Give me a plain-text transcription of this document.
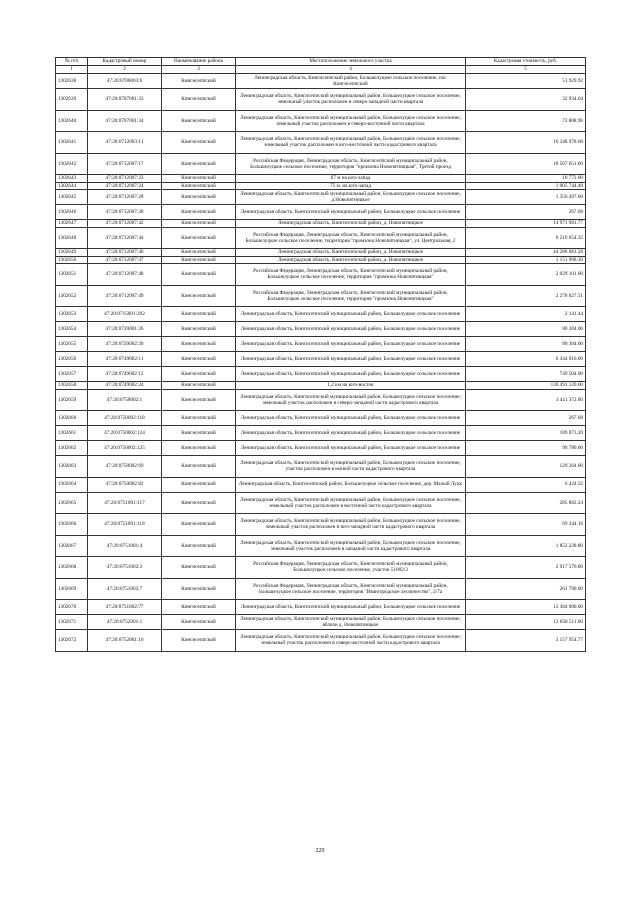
№ п/п	Кадастровый номер	Наименование района	Местоположение земельного участка	Кадастровая стоимость, руб.
1	2	3	4	5
1302638	47:20:0706003:6	Кингисеппский	Ленинградская область, Кингисеппский район, Большелуцкое сельское поселение, пос Кингисеппский	51 929.92
1302639	47:20:0707001:33	Кингисеппский	Ленинградская область, Кингисеппский муниципальный район, Большелуцкое сельское поселение, земельный участок расположен в северо-западной части квартала	32 934.64
1302640	47:20:0707001:34	Кингисеппский	Ленинградская область, Кингисеппский муниципальный район, Большелуцкое сельское поселение, земельный участок расположен в северо-восточной части квартала	72 808.96
1302641	47:20:0712003:11	Кингисеппский	Ленинградская область, Кингисеппский муниципальный район, Большелуцкое сельское поселение, земельный участок расположен в юго-восточной части кадастрового квартала	16 348 978.68
1302642	47:20:0712007:17	Кингисеппский	Российская Федерация, Ленинградская область, Кингисеппский муниципальный район, Большелуцкое сельское поселение, территория "промзона Новопятницкая", Третий проезд	18 567 651.60
1302643	47:20:0712007:23	Кингисеппский	67 м на юго-запад	10 772.00
1302644	47:20:0712007:24	Кингисеппский	75 м. на юго-запад	1 005 744.48
1302645	47:20:0712007:28	Кингисеппский	Ленинградская область, Кингисеппский муниципальный район, Большелуцкое сельское поселение, д.Новопятницкое	1 356 497.60
1302646	47:20:0712007:38	Кингисеппский	Ленинградская область, Кингисеппский муниципальный район, Большелуцкое сельское поселение	267.68
1302647	47:20:0712007:42	Кингисеппский	Ленинградская область, Кингисеппский район, д. Новопятницкое	14 971 981.77
1302648	47:20:0712007:44	Кингисеппский	Российская Федерация, Ленинградская область, Кингисеппский муниципальный район, Большелуцкое сельское поселение, территория "промзона Новопятницкая", ул. Центральная, 2	6 216 654.35
1302649	47:20:0712007:46	Кингисеппский	Ленинградская область, Кингисеппский район, д. Новопятницкое	44 286 081.28
1302650	47:20:0712007:47	Кингисеппский	Ленинградская область, Кингисеппский район, д. Новопятницкое	1 151 908.30
1302651	47:20:0712007:48	Кингисеппский	Российская Федерация, Ленинградская область, Кингисеппский муниципальный район, Большелуцкое сельское поселение, территория "промзона Новопятницкая"	2 029 101.00
1302652	47:20:0712007:49	Кингисеппский	Российская Федерация, Ленинградская область, Кингисеппский муниципальный район, Большелуцкое сельское поселение, территория "промзона Новопятницкая"	2 278 027.51
1302653	47:20:0715001:202	Кингисеппский	Ленинградская область, Кингисеппский муниципальный район, Большелуцкое сельское поселение	2 141.44
1302654	47:20:0720001:26	Кингисеппский	Ленинградская область, Кингисеппский муниципальный район, Большелуцкое сельское поселение	80 304.00
1302655	47:20:0720002:30	Кингисеппский	Ленинградская область, Кингисеппский муниципальный район, Большелуцкое сельское поселение	80 304.00
1302656	47:20:0749002:11	Кингисеппский	Ленинградская область, Кингисеппский муниципальный район, Большелуцкое сельское поселение	6 344 016.00
1302657	47:20:0749002:12	Кингисеппский	Ленинградская область, Кингисеппский муниципальный район, Большелуцкое сельское поселение	749 504.00
1302658	47:20:0749002:24	Кингисеппский	1,2 км на юго-восток	136 491 120.00
1302659	47:20:0750002:1	Кингисеппский	Ленинградская область, Кингисеппский муниципальный район, Большелуцкое сельское поселение, земельный участок расположен в северо-западной части кадастрового квартала	3 411 372.00
1302660	47:20:0750002:118	Кингисеппский	Ленинградская область, Кингисеппский муниципальный район, Большелуцкое сельское поселение	267.68
1302661	47:20:0750002:124	Кингисеппский	Ленинградская область, Кингисеппский муниципальный район, Большелуцкое сельское поселение	189 873.20
1302662	47:20:0750002:125	Кингисеппский	Ленинградская область, Кингисеппский муниципальный район, Большелуцкое сельское поселение	90 780.00
1302663	47:20:0750002:69	Кингисеппский	Ленинградская область, Кингисеппский муниципальный район, Большелуцкое сельское поселение, участок расположен в южной части кадастрового квартала	129 264.00
1302664	47:20:0750002:82	Кингисеппский	Ленинградская область, Кингисеппский район, Большелуцкое сельское поселение, дер. Малый Луцк	6 424.32
1302665	47:20:0751001:117	Кингисеппский	Ленинградская область, Кингисеппский муниципальный район, Большелуцкое сельское поселение, земельный участок расположен в восточной части кадастрового квартала	285 882.24
1302666	47:20:0751001:118	Кингисеппский	Ленинградская область, Кингисеппский муниципальный район, Большелуцкое сельское поселение, земельный участок расположен в юго-западной части кадастрового квартала	69 344.16
1302667	47:20:0751001:4	Кингисеппский	Ленинградская область, Кингисеппский муниципальный район, Большелуцкое сельское поселение, земельный участок расположен в западной части кадастрового квартала	1 852 228.80
1302668	47:20:0751002:3	Кингисеппский	Российская Федерация, Ленинградская область, Кингисеппский муниципальный район, Большелуцкое сельское поселение, участок 51002/3	2 917 576.80
1302669	47:20:0751002:7	Кингисеппский	Российская Федерация, Ленинградская область, Кингисеппский муниципальный район, Большелуцкое сельское поселение, территория "Ивангородское лесничество", 2/7а	261 700.00
1302670	47:20:0751002:77	Кингисеппский	Ленинградская область, Кингисеппский муниципальный район, Большелуцкое сельское поселение	12 384 000.00
1302671	47:20:0752001:1	Кингисеппский	Ленинградская область, Кингисеппский муниципальный район, Большелуцкое сельское поселение, вблизи д. Новопятницкое	12 858 511.00
1302672	47:20:0752001:10	Кингисеппский	Ленинградская область, Кингисеппский муниципальный район, Большелуцкое сельское поселение, земельный участок расположен в северо-восточной части кадастрового квартала	3 157 954.77
229
